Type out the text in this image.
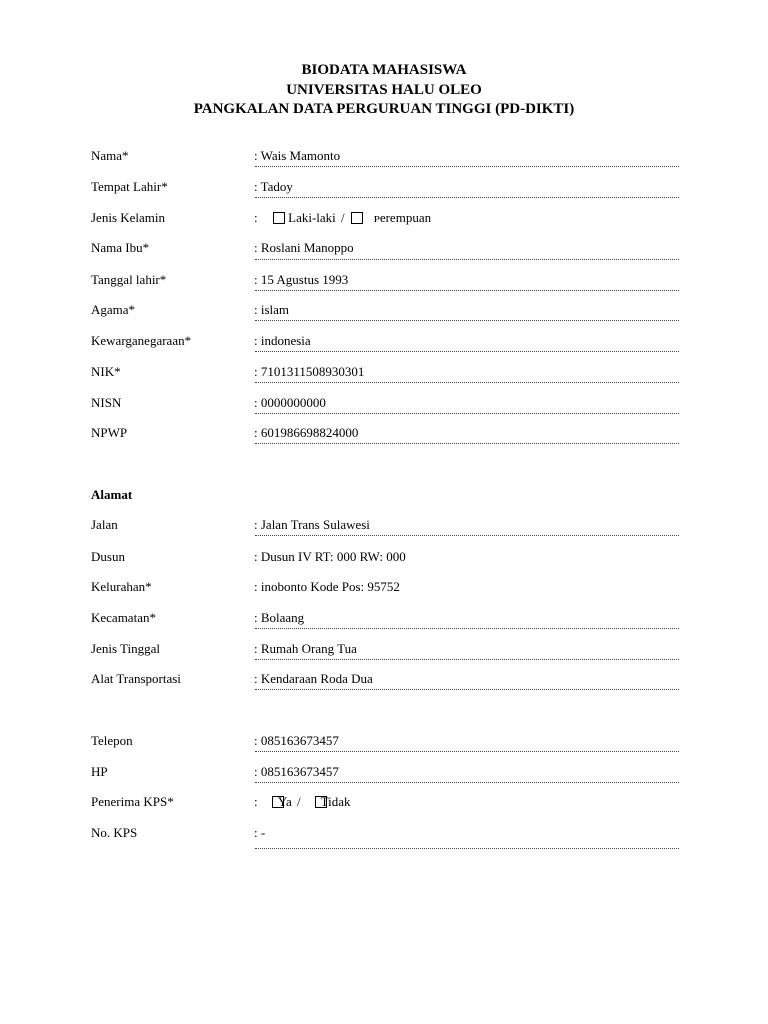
BIODATA MAHASISWA
UNIVERSITAS HALU OLEO
PANGKALAN DATA PERGURUAN TINGGI (PD-DIKTI)
Nama*	: Wais Mamonto
Tempat Lahir*	: Tadoy
Jenis Kelamin	: Laki-laki / ᴘerempuan
Nama Ibu*	: Roslani Manoppo
Tanggal lahir*	: 15 Agustus 1993
Agama*	: islam
Kewarganegaraan*	: indonesia
NIK*	: 7101311508930301
NISN	: 0000000000
NPWP	: 601986698824000
Alamat
Jalan	: Jalan Trans Sulawesi
Dusun	: Dusun IV RT: 000 RW: 000
Kelurahan*	: inobonto Kode Pos: 95752
Kecamatan*	: Bolaang
Jenis Tinggal	: Rumah Orang Tua
Alat Transportasi	: Kendaraan Roda Dua
Telepon	: 085163673457
HP	: 085163673457
Penerima KPS*	: Ya / Tidak
No. KPS	: -
